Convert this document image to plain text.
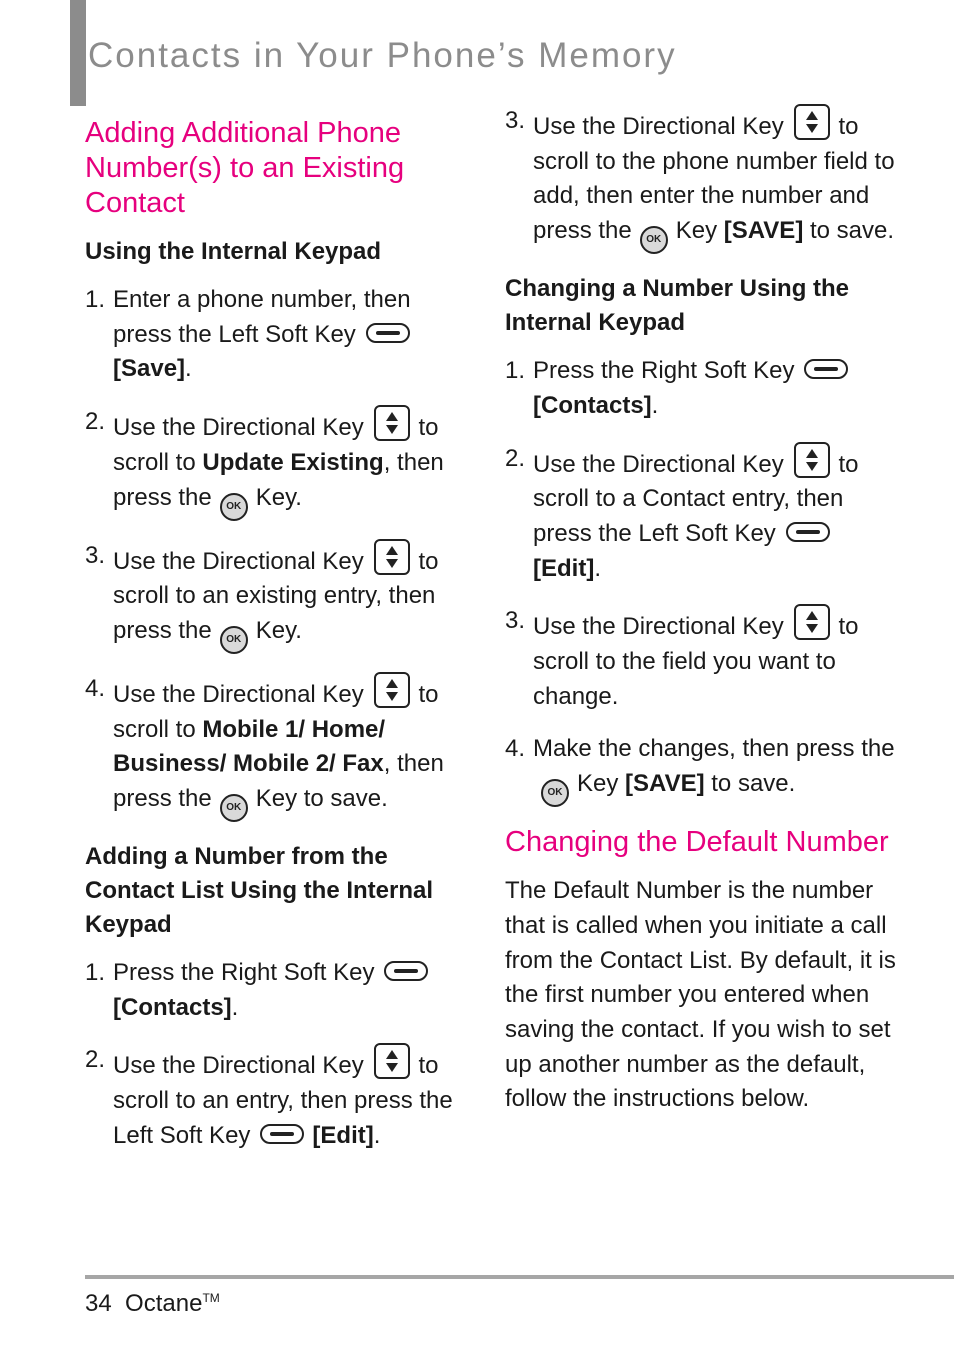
Contacts in Your Phone’s Memory
Adding Additional Phone Number(s) to an Existing Contact
Using the Internal Keypad
1. Enter a phone number, then press the Left Soft Key [Save].
2. Use the Directional Key to scroll to Update Existing, then press the OK Key.
3. Use the Directional Key to scroll to an existing entry, then press the OK Key.
4. Use the Directional Key to scroll to Mobile 1/ Home/ Business/ Mobile 2/ Fax, then press the OK Key to save.
Adding a Number from the Contact List Using the Internal Keypad
1. Press the Right Soft Key [Contacts].
2. Use the Directional Key to scroll to an entry, then press the Left Soft Key	[Edit].
3. Use the Directional Key to scroll to the phone number field to add, then enter the number and press the OK Key [SAVE] to save.
Changing a Number Using the Internal Keypad
1. Press the Right Soft Key [Contacts].
2. Use the Directional Key to scroll to a Contact entry, then press the Left Soft Key[Edit].
3. Use the Directional Key to scroll to the field you want to change.
4. Make the changes, then press theOK Key [SAVE] to save.
Changing the Default Number

The Default Number is the number that is called when you initiate a call from the Contact List. By default, it is the first number you entered when saving the contact. If you wish to set up another number as the default, follow the instructions below.

34 Octane™
